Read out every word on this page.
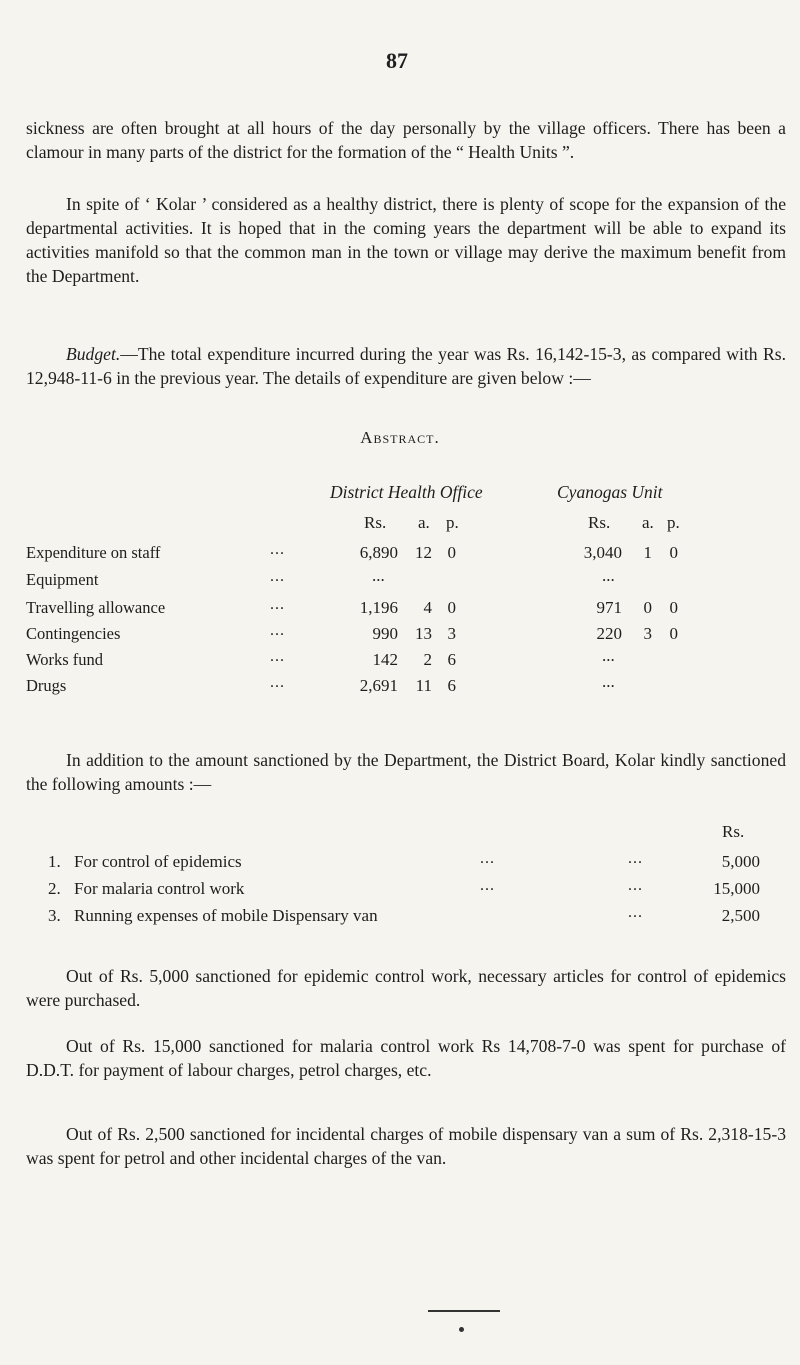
87

sickness are often brought at all hours of the day personally by the village officers. There has been a clamour in many parts of the district for the formation of the “ Health Units ”.

In spite of ‘ Kolar ’ considered as a healthy district, there is plenty of scope for the expansion of the departmental activities. It is hoped that in the coming years the department will be able to expand its activities manifold so that the common man in the town or village may derive the maximum benefit from the Department.

Budget.—The total expenditure incurred during the year was Rs. 16,142-15-3, as compared with Rs. 12,948-11-6 in the previous year. The details of expenditure are given below :—

Abstract.
District Health Office	Cyanogas Unit
Rs. a. p.	Rs. a. p.
Expenditure on staff	...	6,890	12 0	3,040	1	0
Equipment	...	...	...
Travelling allowance	...	1,196	4 0	971	0	0
Contingencies	...	990	13 3	220	3	0
Works fund	...	142	2 6	...
Drugs	...	2,691	11 6	...

In addition to the amount sanctioned by the Department, the District Board, Kolar kindly sanctioned the following amounts :—

Rs.
1. For control of epidemics	...	...	5,000
2. For malaria control work	...	...	15,000
3. Running expenses of mobile Dispensary van	...	2,500

Out of Rs. 5,000 sanctioned for epidemic control work, necessary articles for control of epidemics were purchased.

Out of Rs. 15,000 sanctioned for malaria control work Rs 14,708-7-0 was spent for purchase of D.D.T. for payment of labour charges, petrol charges, etc.

Out of Rs. 2,500 sanctioned for incidental charges of mobile dispensary van a sum of Rs. 2,318-15-3 was spent for petrol and other incidental charges of the van.
